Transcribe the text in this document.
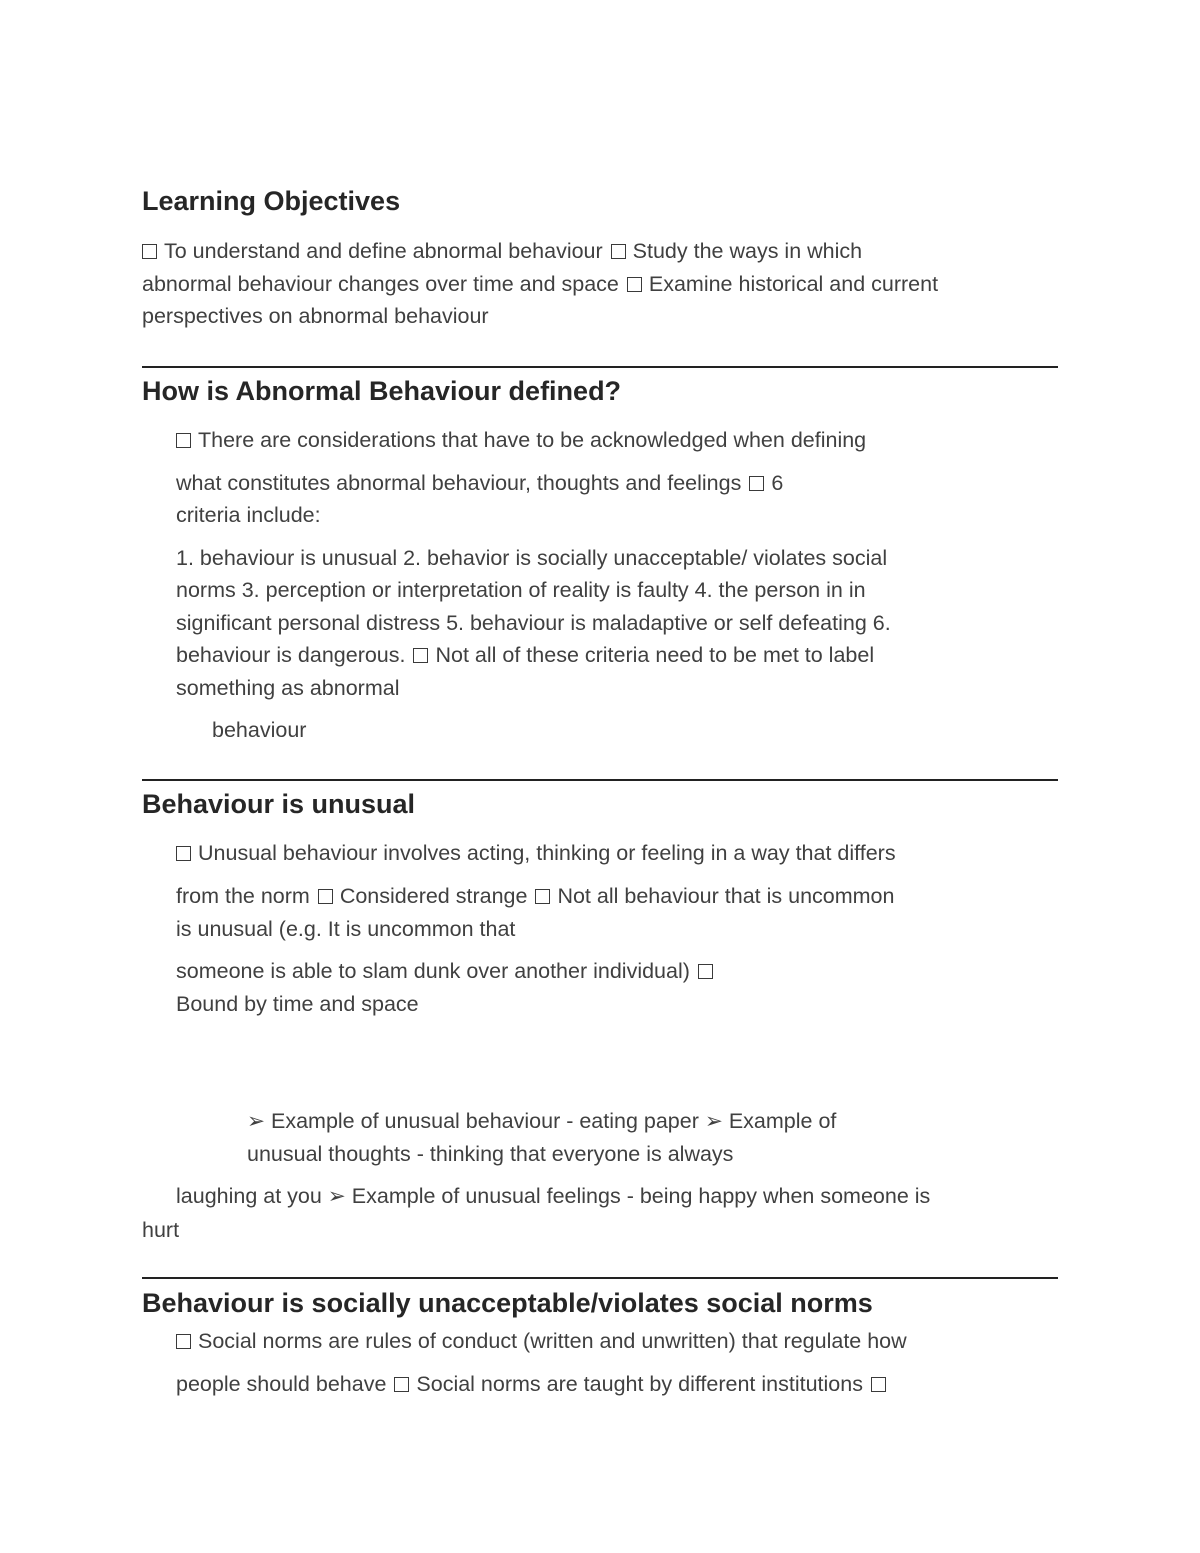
Learning Objectives
To understand and define abnormal behaviour Study the ways in which
abnormal behaviour changes over time and space Examine historical and current
perspectives on abnormal behaviour
How is Abnormal Behaviour defined?
There are considerations that have to be acknowledged when defining
what constitutes abnormal behaviour, thoughts and feelings 6
criteria include:
1. behaviour is unusual 2. behavior is socially unacceptable/ violates social
norms 3. perception or interpretation of reality is faulty 4. the person in in
significant personal distress 5. behaviour is maladaptive or self defeating 6.
behaviour is dangerous. Not all of these criteria need to be met to label
something as abnormal
behaviour
Behaviour is unusual
Unusual behaviour involves acting, thinking or feeling in a way that differs
from the norm Considered strange Not all behaviour that is uncommon
is unusual (e.g. It is uncommon that
someone is able to slam dunk over another individual)
Bound by time and space
➢ Example of unusual behaviour - eating paper ➢ Example of
unusual thoughts - thinking that everyone is always
laughing at you ➢ Example of unusual feelings - being happy when someone is
hurt
Behaviour is socially unacceptable/violates social norms
Social norms are rules of conduct (written and unwritten) that regulate how
people should behave Social norms are taught by different institutions
